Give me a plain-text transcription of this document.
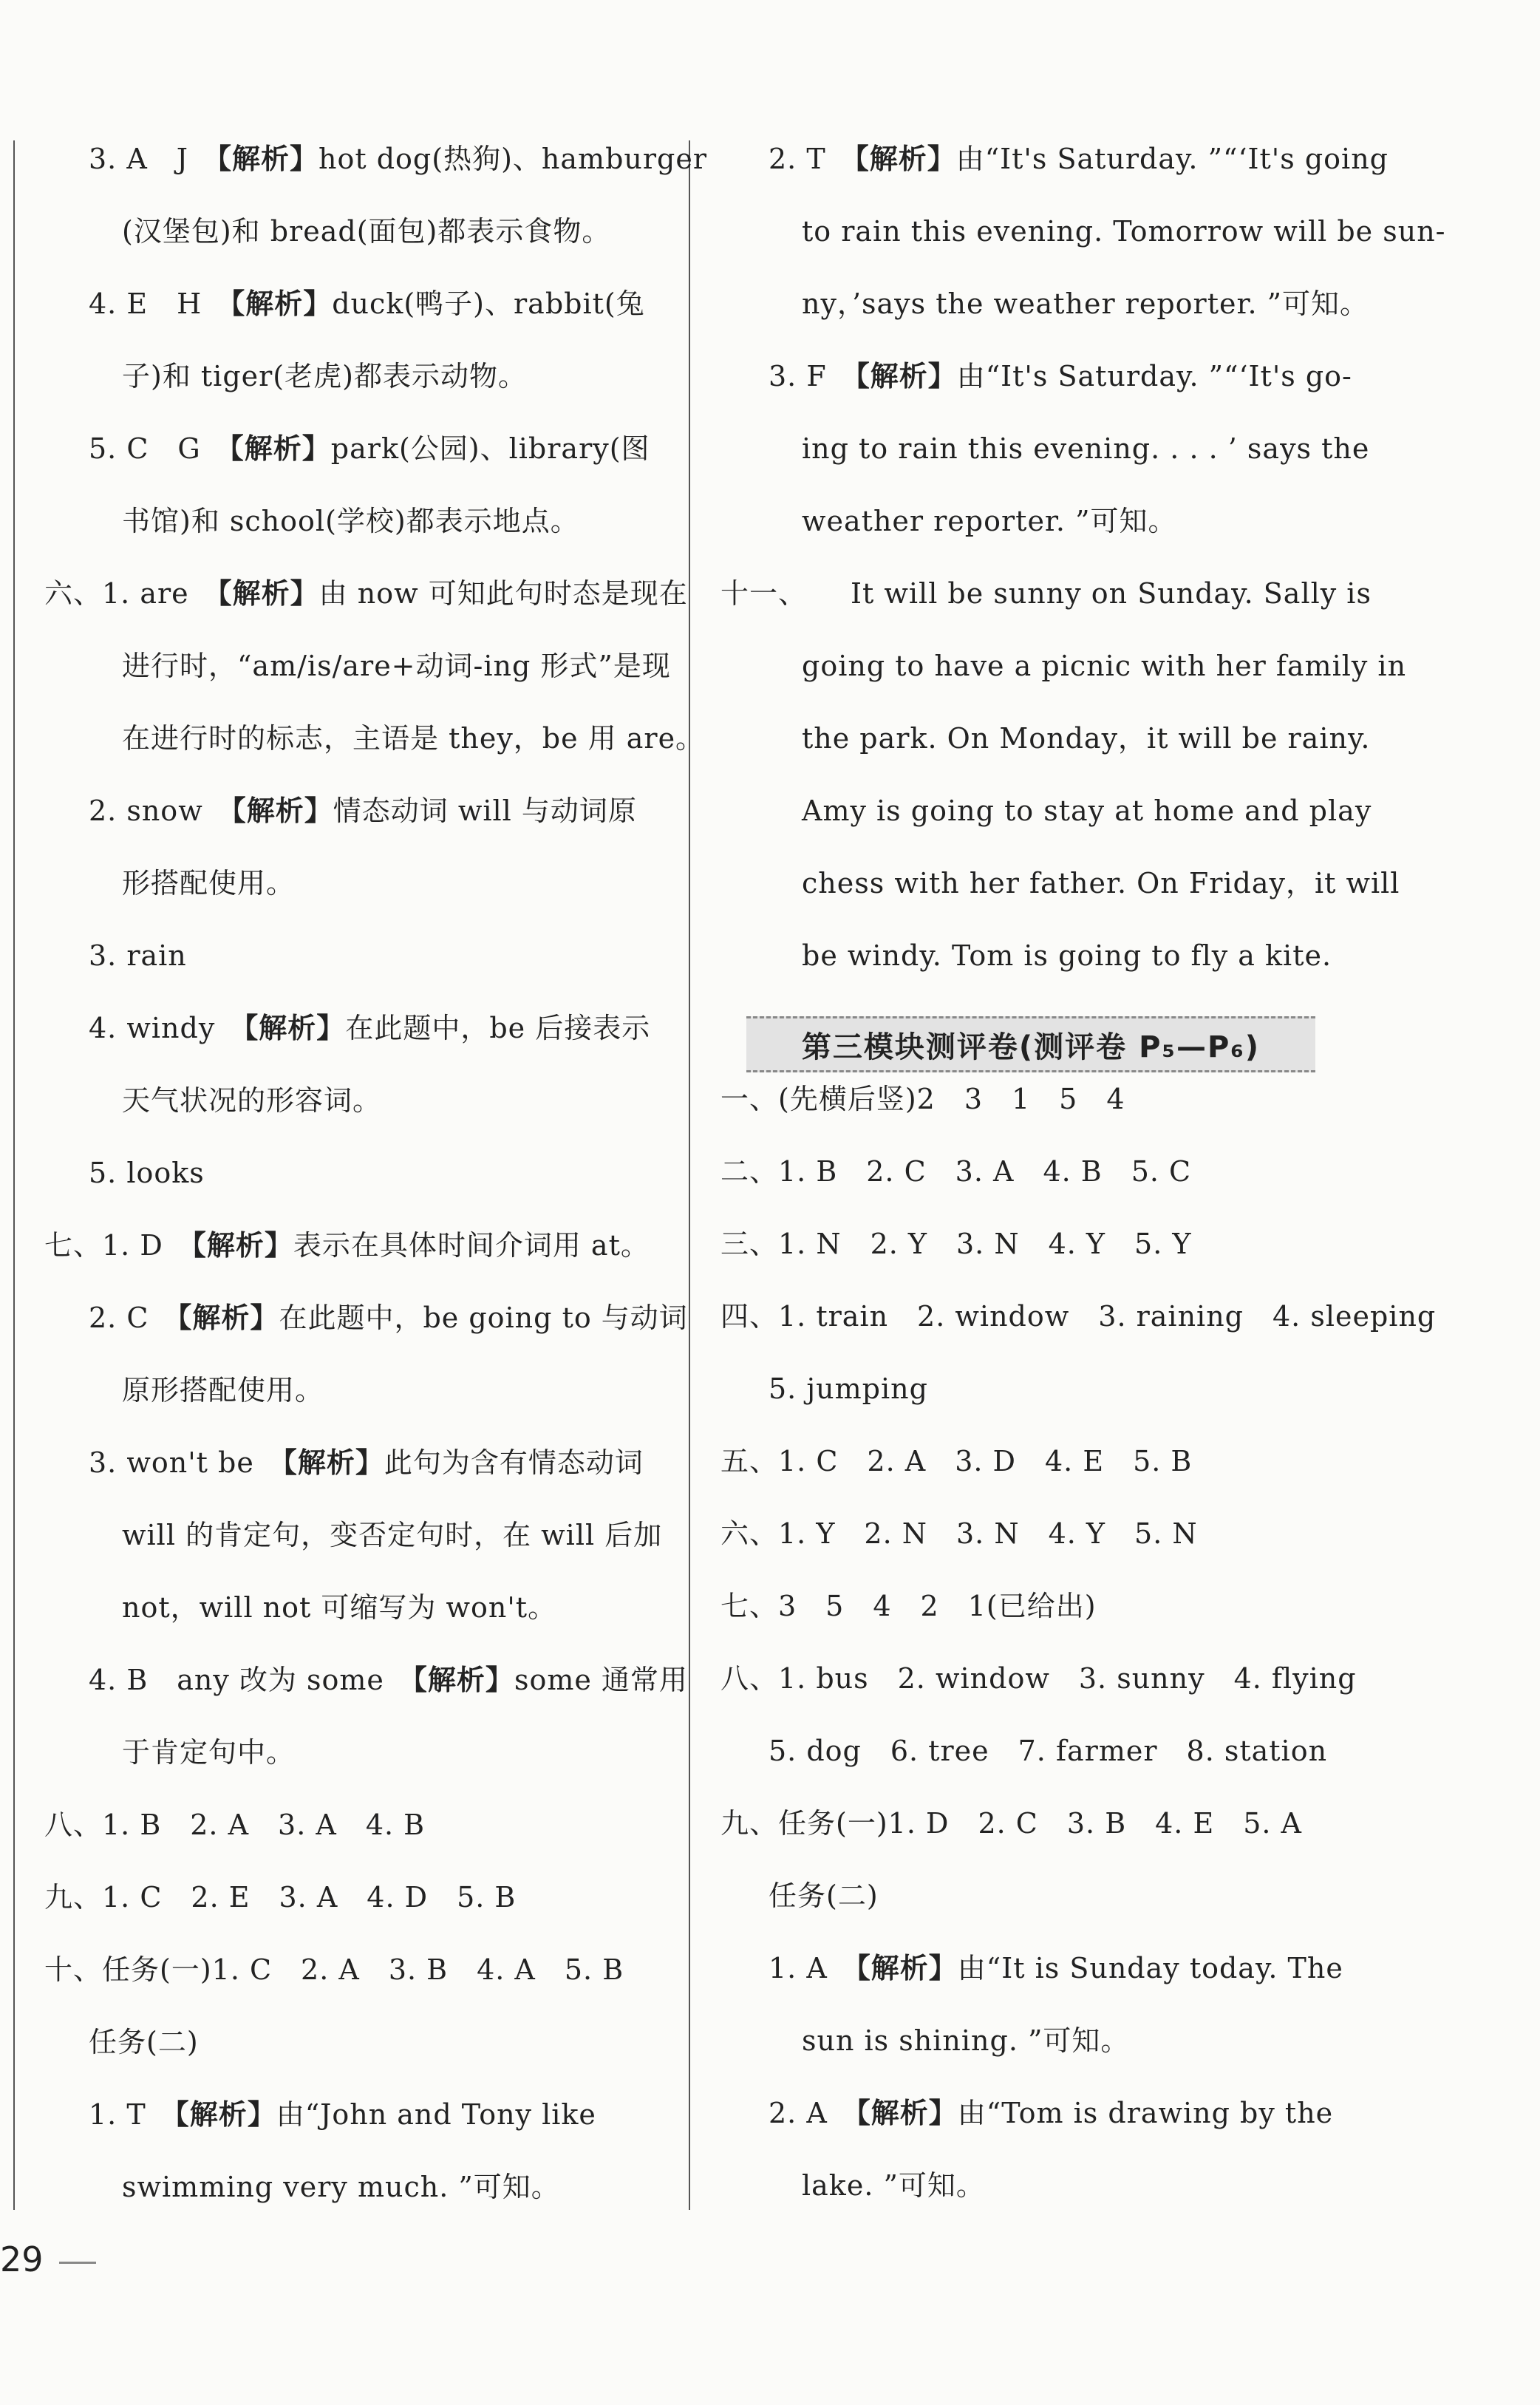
3. A　J　【解析】hot dog(热狗)、hamburger
(汉堡包)和 bread(面包)都表示食物。
4. E　H　【解析】duck(鸭子)、rabbit(兔
子)和 tiger(老虎)都表示动物。
5. C　G　【解析】park(公园)、library(图
书馆)和 school(学校)都表示地点。
六、1. are　【解析】由 now 可知此句时态是现在
进行时，“am/is/are+动词-ing 形式”是现
在进行时的标志，主语是 they，be 用 are。
2. snow　【解析】情态动词 will 与动词原
形搭配使用。
3. rain
4. windy　【解析】在此题中，be 后接表示
天气状况的形容词。
5. looks
七、1. D　【解析】表示在具体时间介词用 at。
2. C　【解析】在此题中，be going to 与动词
原形搭配使用。
3. won't be　【解析】此句为含有情态动词
will 的肯定句，变否定句时，在 will 后加
not，will not 可缩写为 won't。
4. B　any 改为 some　【解析】some 通常用
于肯定句中。
八、1. B　2. A　3. A　4. B
九、1. C　2. E　3. A　4. D　5. B
十、任务(一)1. C　2. A　3. B　4. A　5. B
任务(二)
1. T　【解析】由“John and Tony like
swimming very much. ”可知。
2. T　【解析】由“It's Saturday. ”“‘It's going
to rain this evening. Tomorrow will be sun-
ny，’says the weather reporter. ”可知。
3. F　【解析】由“It's Saturday. ”“‘It's go-
ing to rain this evening. . . . ’ says the
weather reporter. ”可知。
十一、　　It will be sunny on Sunday. Sally is
going to have a picnic with her family in
the park. On Monday，it will be rainy.
Amy is going to stay at home and play
chess with her father. On Friday，it will
be windy. Tom is going to fly a kite.
一、(先横后竖)2　3　1　5　4
二、1. B　2. C　3. A　4. B　5. C
三、1. N　2. Y　3. N　4. Y　5. Y
四、1. train　2. window　3. raining　4. sleeping
5. jumping
五、1. C　2. A　3. D　4. E　5. B
六、1. Y　2. N　3. N　4. Y　5. N
七、3　5　4　2　1(已给出)
八、1. bus　2. window　3. sunny　4. flying
5. dog　6. tree　7. farmer　8. station
九、任务(一)1. D　2. C　3. B　4. E　5. A
任务(二)
1. A　【解析】由“It is Sunday today. The
sun is shining. ”可知。
2. A　【解析】由“Tom is drawing by the
lake. ”可知。
第三模块测评卷(测评卷 P₅—P₆)
29
